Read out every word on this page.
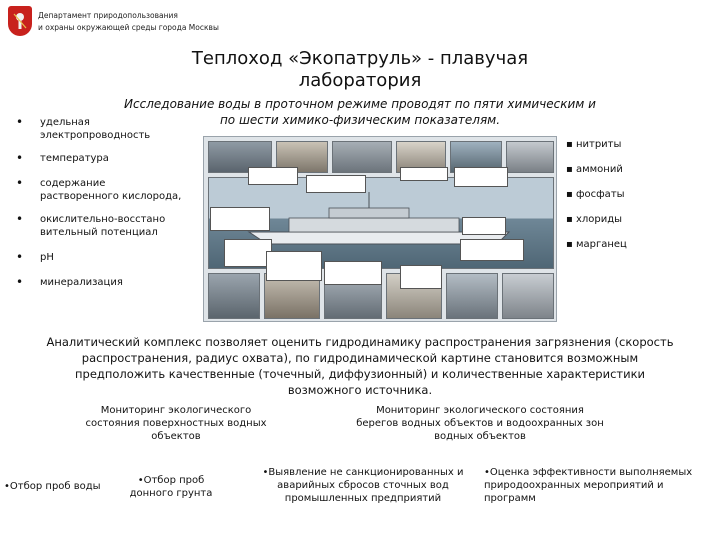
Департамент природопользования
и охраны окружающей среды города Москвы
Теплоход «Экопатруль» - плавучая
лаборатория
Исследование воды в проточном режиме проводят по пяти химическим и
по шести химико-физическим показателям.
• удельная электропроводность
• температура
• содержание растворенного кислорода,
• окислительно-восстано вительный потенциал
• pH
• минерализация
▪ нитриты
▪ аммоний
▪ фосфаты
▪ хлориды
▪ марганец
Аналитический комплекс позволяет оценить гидродинамику распространения загрязнения (скорость
распространения, радиус охвата), по гидродинамической картине становится возможным
предположить качественные (точечный, диффузионный) и количественные характеристики
возможного источника.
Мониторинг экологического
состояния поверхностных водных
объектов
Мониторинг экологического состояния
берегов водных объектов и водоохранных зон
водных объектов
•Отбор проб воды
•Отбор проб
донного грунта
•Выявление не санкционированных и
аварийных сбросов сточных вод
промышленных предприятий
•Оценка эффективности выполняемых
природоохранных мероприятий и
программ
